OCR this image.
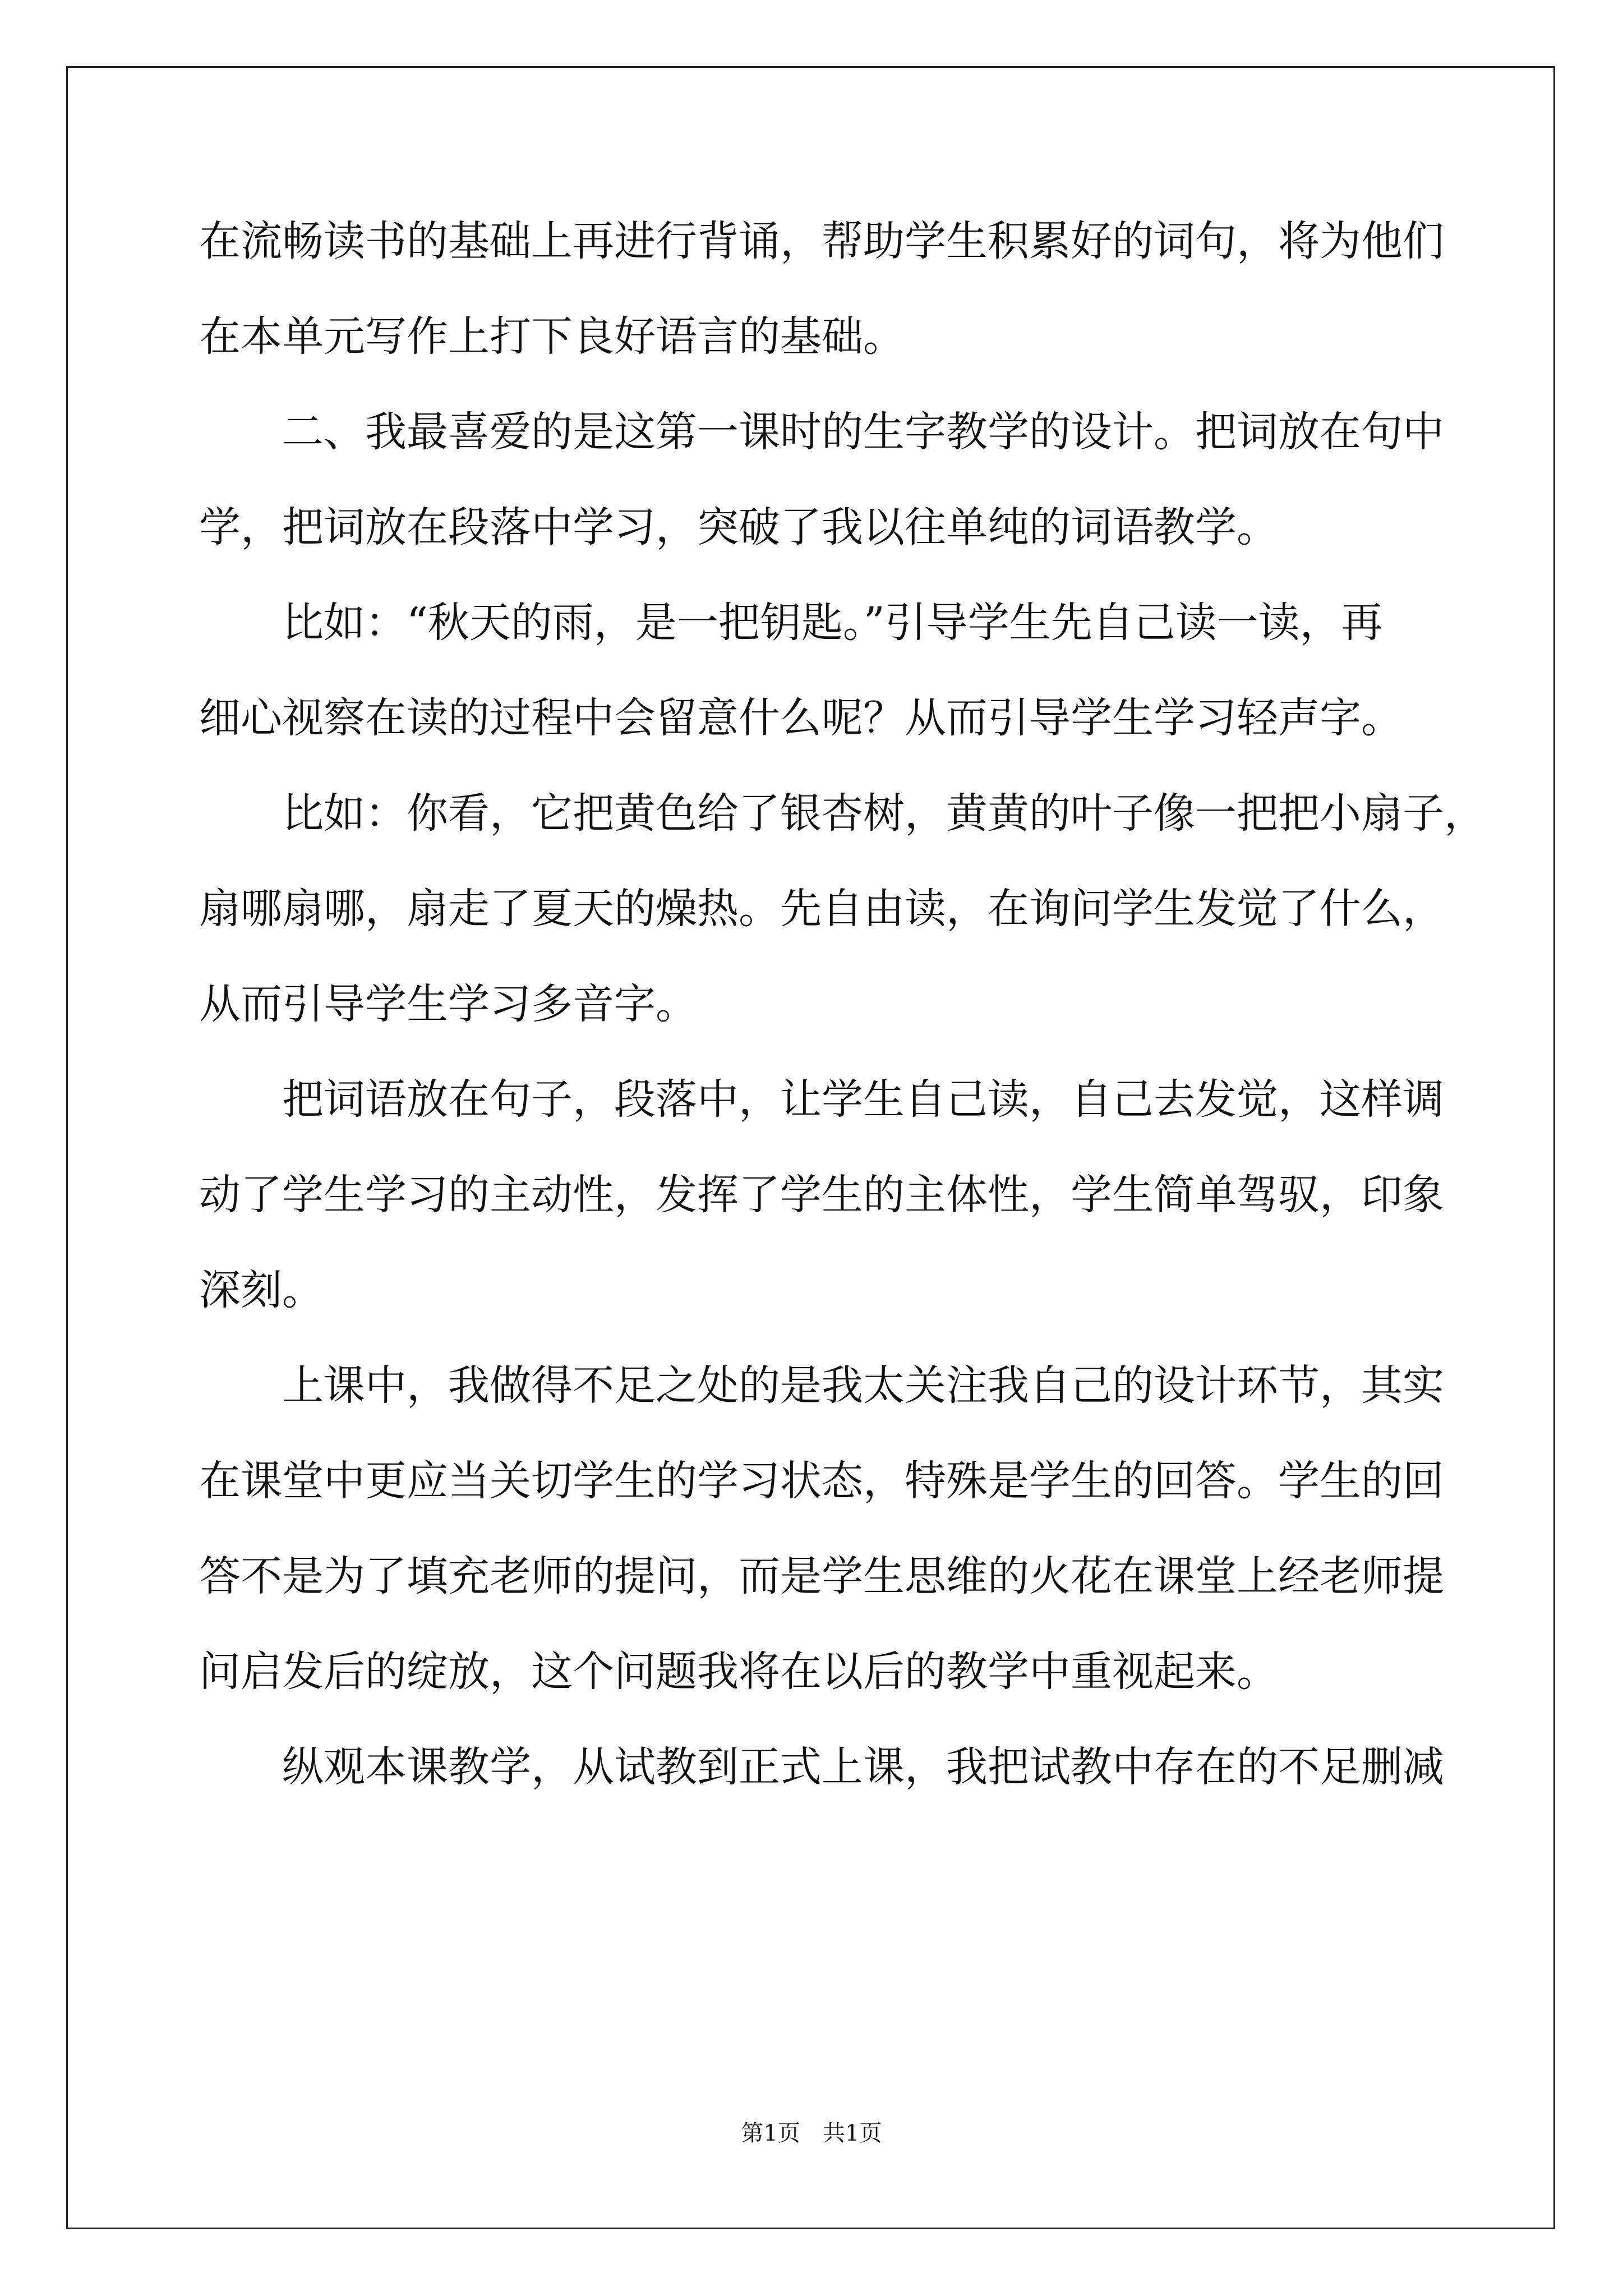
在流畅读书的基础上再进行背诵，帮助学生积累好的词句，将为他们
在本单元写作上打下良好语言的基础。
二、我最喜爱的是这第一课时的生字教学的设计。把词放在句中
学，把词放在段落中学习，突破了我以往单纯的词语教学。
比如：“秋天的雨，是一把钥匙。”引导学生先自己读一读，再
细心视察在读的过程中会留意什么呢？从而引导学生学习轻声字。
比如：你看，它把黄色给了银杏树，黄黄的叶子像一把把小扇子，
扇哪扇哪，扇走了夏天的燥热。先自由读，在询问学生发觉了什么，
从而引导学生学习多音字。
把词语放在句子，段落中，让学生自己读，自己去发觉，这样调
动了学生学习的主动性，发挥了学生的主体性，学生简单驾驭，印象
深刻。
上课中，我做得不足之处的是我太关注我自己的设计环节，其实
在课堂中更应当关切学生的学习状态，特殊是学生的回答。学生的回
答不是为了填充老师的提问，而是学生思维的火花在课堂上经老师提
问启发后的绽放，这个问题我将在以后的教学中重视起来。
纵观本课教学，从试教到正式上课，我把试教中存在的不足删减
第1页　共1页
